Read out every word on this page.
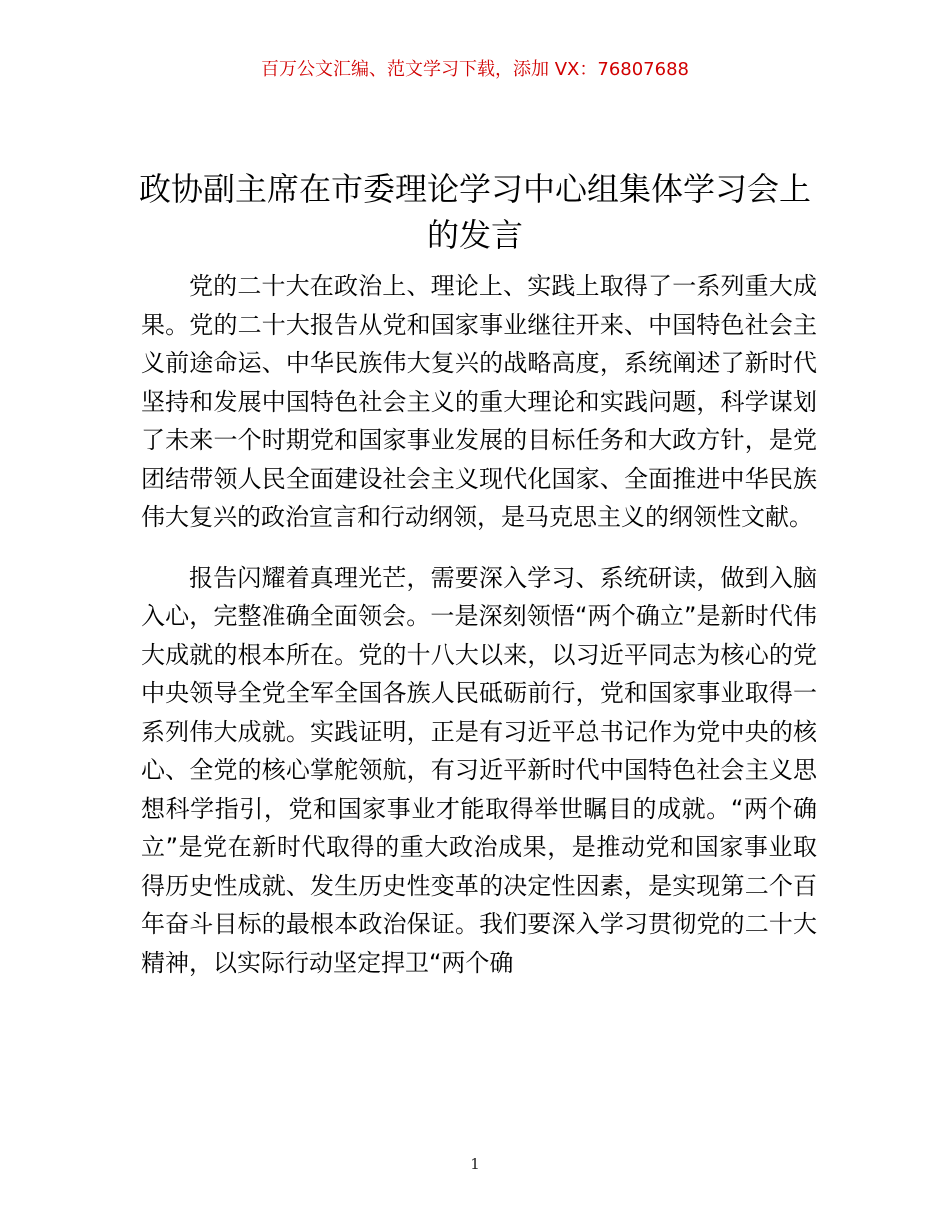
百万公文汇编、范文学习下载，添加 VX：76807688
政协副主席在市委理论学习中心组集体学习会上的发言

党的二十大在政治上、理论上、实践上取得了一系列重大成果。党的二十大报告从党和国家事业继往开来、中国特色社会主义前途命运、中华民族伟大复兴的战略高度，系统阐述了新时代坚持和发展中国特色社会主义的重大理论和实践问题，科学谋划了未来一个时期党和国家事业发展的目标任务和大政方针，是党团结带领人民全面建设社会主义现代化国家、全面推进中华民族伟大复兴的政治宣言和行动纲领，是马克思主义的纲领性文献。

报告闪耀着真理光芒，需要深入学习、系统研读，做到入脑入心，完整准确全面领会。一是深刻领悟“两个确立”是新时代伟大成就的根本所在。党的十八大以来，以习近平同志为核心的党中央领导全党全军全国各族人民砥砺前行，党和国家事业取得一系列伟大成就。实践证明，正是有习近平总书记作为党中央的核心、全党的核心掌舵领航，有习近平新时代中国特色社会主义思想科学指引，党和国家事业才能取得举世瞩目的成就。“两个确立”是党在新时代取得的重大政治成果，是推动党和国家事业取得历史性成就、发生历史性变革的决定性因素，是实现第二个百年奋斗目标的最根本政治保证。我们要深入学习贯彻党的二十大精神，以实际行动坚定捍卫“两个确

1
